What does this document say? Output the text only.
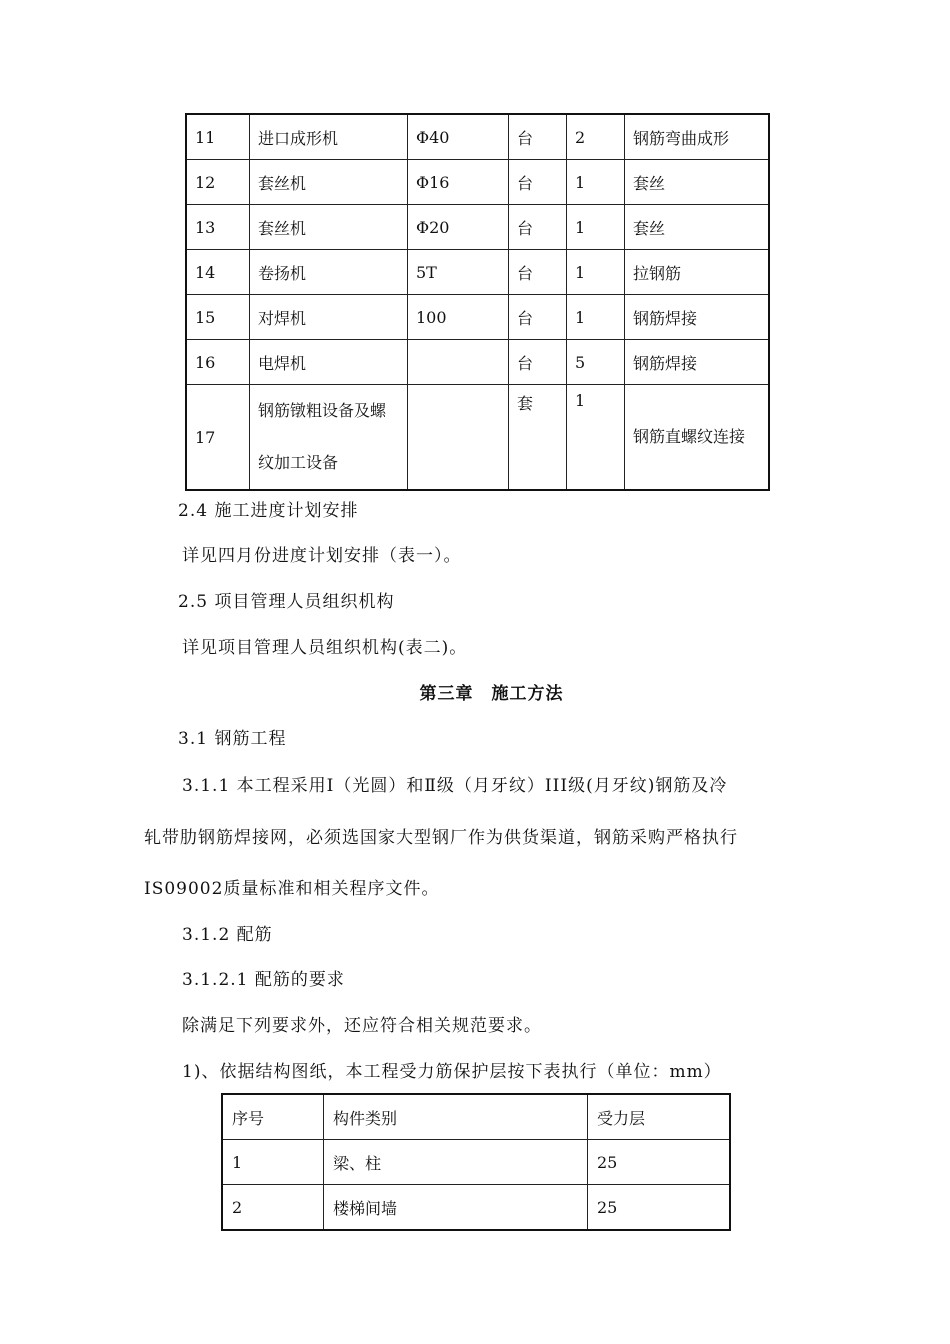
11	进口成形机	Φ40	台	2	钢筋弯曲成形
12	套丝机	Φ16	台	1	套丝
13	套丝机	Φ20	台	1	套丝
14	卷扬机	5T	台	1	拉钢筋
15	对焊机	100	台	1	钢筋焊接
16	电焊机		台	5	钢筋焊接
17	钢筋镦粗设备及螺纹加工设备		套	1	钢筋直螺纹连接
2.4 施工进度计划安排
详见四月份进度计划安排（表一）。
2.5 项目管理人员组织机构
详见项目管理人员组织机构(表二)。
第三章　施工方法
3.1 钢筋工程
3.1.1 本工程采用Ⅰ（光圆）和Ⅱ级（月牙纹）III级(月牙纹)钢筋及冷
轧带肋钢筋焊接网，必须选国家大型钢厂作为供货渠道，钢筋采购严格执行
IS09002质量标准和相关程序文件。
3.1.2 配筋
3.1.2.1 配筋的要求
除满足下列要求外，还应符合相关规范要求。
1)、依据结构图纸，本工程受力筋保护层按下表执行（单位：mm）
序号	构件类别	受力层
1	梁、柱	25
2	楼梯间墙	25
